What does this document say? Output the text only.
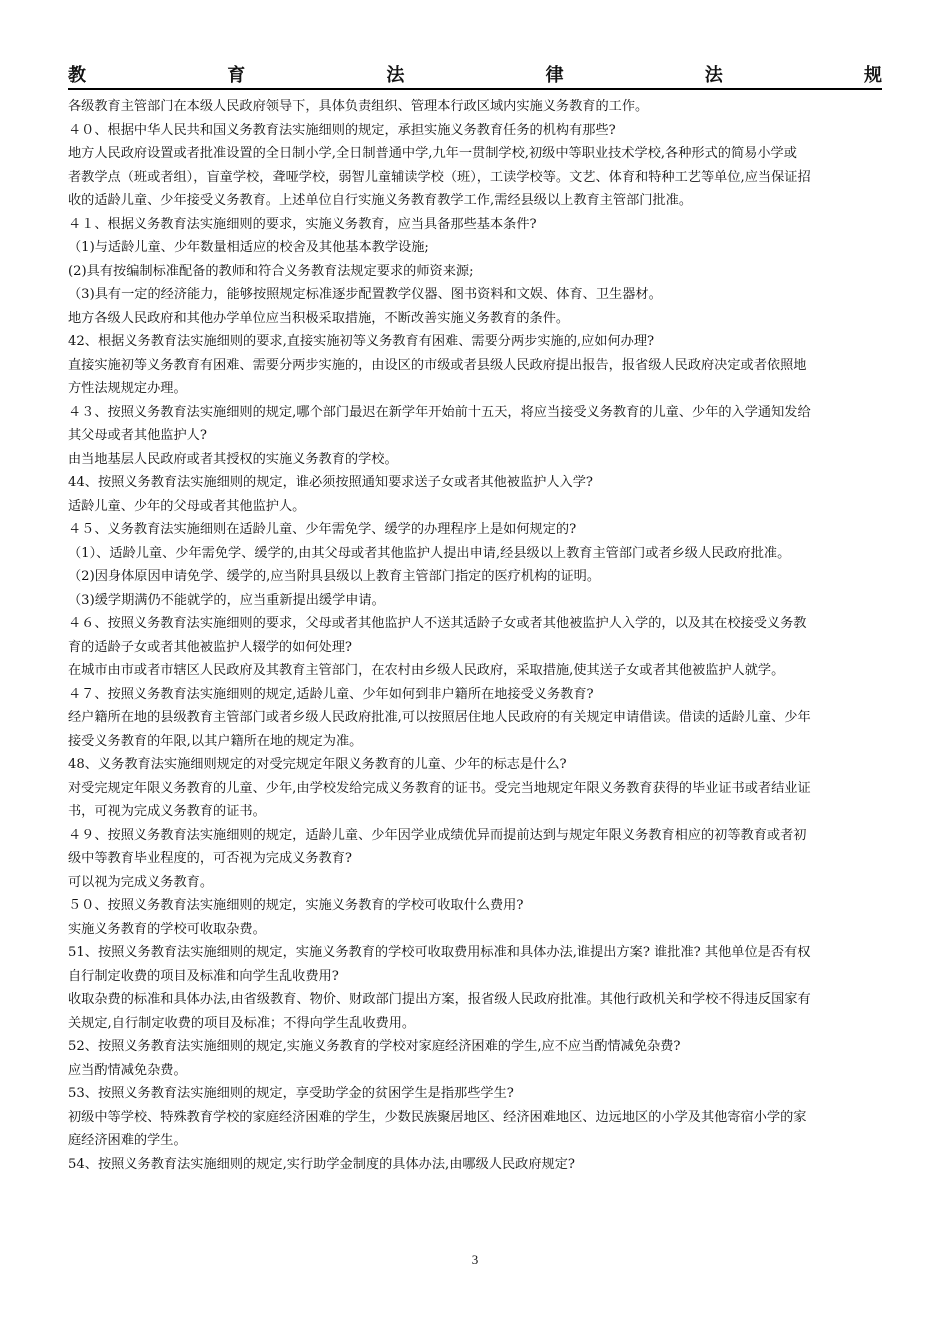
教	育	法	律	法	规
各级教育主管部门在本级人民政府领导下，具体负责组织、管理本行政区域内实施义务教育的工作。
４０、根据中华人民共和国义务教育法实施细则的规定，承担实施义务教育任务的机构有那些?
地方人民政府设置或者批准设置的全日制小学,全日制普通中学,九年一贯制学校,初级中等职业技术学校,各种形式的简易小学或
者教学点（班或者组），盲童学校，聋哑学校，弱智儿童辅读学校（班），工读学校等。文艺、体育和特种工艺等单位,应当保证招
收的适龄儿童、少年接受义务教育。上述单位自行实施义务教育教学工作,需经县级以上教育主管部门批准。
４１、根据义务教育法实施细则的要求，实施义务教育，应当具备那些基本条件?
（1)与适龄儿童、少年数量相适应的校舍及其他基本教学设施;
(2)具有按编制标准配备的教师和符合义务教育法规定要求的师资来源;
（3)具有一定的经济能力，能够按照规定标准逐步配置教学仪器、图书资料和文娱、体育、卫生器材。
地方各级人民政府和其他办学单位应当积极采取措施，不断改善实施义务教育的条件。
42、根据义务教育法实施细则的要求,直接实施初等义务教育有困难、需要分两步实施的,应如何办理?
直接实施初等义务教育有困难、需要分两步实施的，由设区的市级或者县级人民政府提出报告，报省级人民政府决定或者依照地
方性法规规定办理。
４３、按照义务教育法实施细则的规定,哪个部门最迟在新学年开始前十五天，将应当接受义务教育的儿童、少年的入学通知发给
其父母或者其他监护人?
由当地基层人民政府或者其授权的实施义务教育的学校。
44、按照义务教育法实施细则的规定，谁必须按照通知要求送子女或者其他被监护人入学?
适龄儿童、少年的父母或者其他监护人。
４５、义务教育法实施细则在适龄儿童、少年需免学、缓学的办理程序上是如何规定的?
（1）、适龄儿童、少年需免学、缓学的,由其父母或者其他监护人提出申请,经县级以上教育主管部门或者乡级人民政府批准。
（2)因身体原因申请免学、缓学的,应当附具县级以上教育主管部门指定的医疗机构的证明。
（3)缓学期满仍不能就学的，应当重新提出缓学申请。
４６、按照义务教育法实施细则的要求，父母或者其他监护人不送其适龄子女或者其他被监护人入学的，以及其在校接受义务教
育的适龄子女或者其他被监护人辍学的如何处理?
在城市由市或者市辖区人民政府及其教育主管部门，在农村由乡级人民政府，采取措施,使其送子女或者其他被监护人就学。
４７、按照义务教育法实施细则的规定,适龄儿童、少年如何到非户籍所在地接受义务教育?
经户籍所在地的县级教育主管部门或者乡级人民政府批准,可以按照居住地人民政府的有关规定申请借读。借读的适龄儿童、少年
接受义务教育的年限,以其户籍所在地的规定为准。
48、义务教育法实施细则规定的对受完规定年限义务教育的儿童、少年的标志是什么?
对受完规定年限义务教育的儿童、少年,由学校发给完成义务教育的证书。受完当地规定年限义务教育获得的毕业证书或者结业证
书，可视为完成义务教育的证书。
４９、按照义务教育法实施细则的规定，适龄儿童、少年因学业成绩优异而提前达到与规定年限义务教育相应的初等教育或者初
级中等教育毕业程度的，可否视为完成义务教育?
可以视为完成义务教育。
５０、按照义务教育法实施细则的规定，实施义务教育的学校可收取什么费用?
实施义务教育的学校可收取杂费。
51、按照义务教育法实施细则的规定，实施义务教育的学校可收取费用标准和具体办法,谁提出方案? 谁批准? 其他单位是否有权
自行制定收费的项目及标准和向学生乱收费用?
收取杂费的标准和具体办法,由省级教育、物价、财政部门提出方案，报省级人民政府批准。其他行政机关和学校不得违反国家有
关规定,自行制定收费的项目及标准；不得向学生乱收费用。
52、按照义务教育法实施细则的规定,实施义务教育的学校对家庭经济困难的学生,应不应当酌情减免杂费?
应当酌情减免杂费。
53、按照义务教育法实施细则的规定，享受助学金的贫困学生是指那些学生?
初级中等学校、特殊教育学校的家庭经济困难的学生，少数民族聚居地区、经济困难地区、边远地区的小学及其他寄宿小学的家
庭经济困难的学生。
54、按照义务教育法实施细则的规定,实行助学金制度的具体办法,由哪级人民政府规定?
3
